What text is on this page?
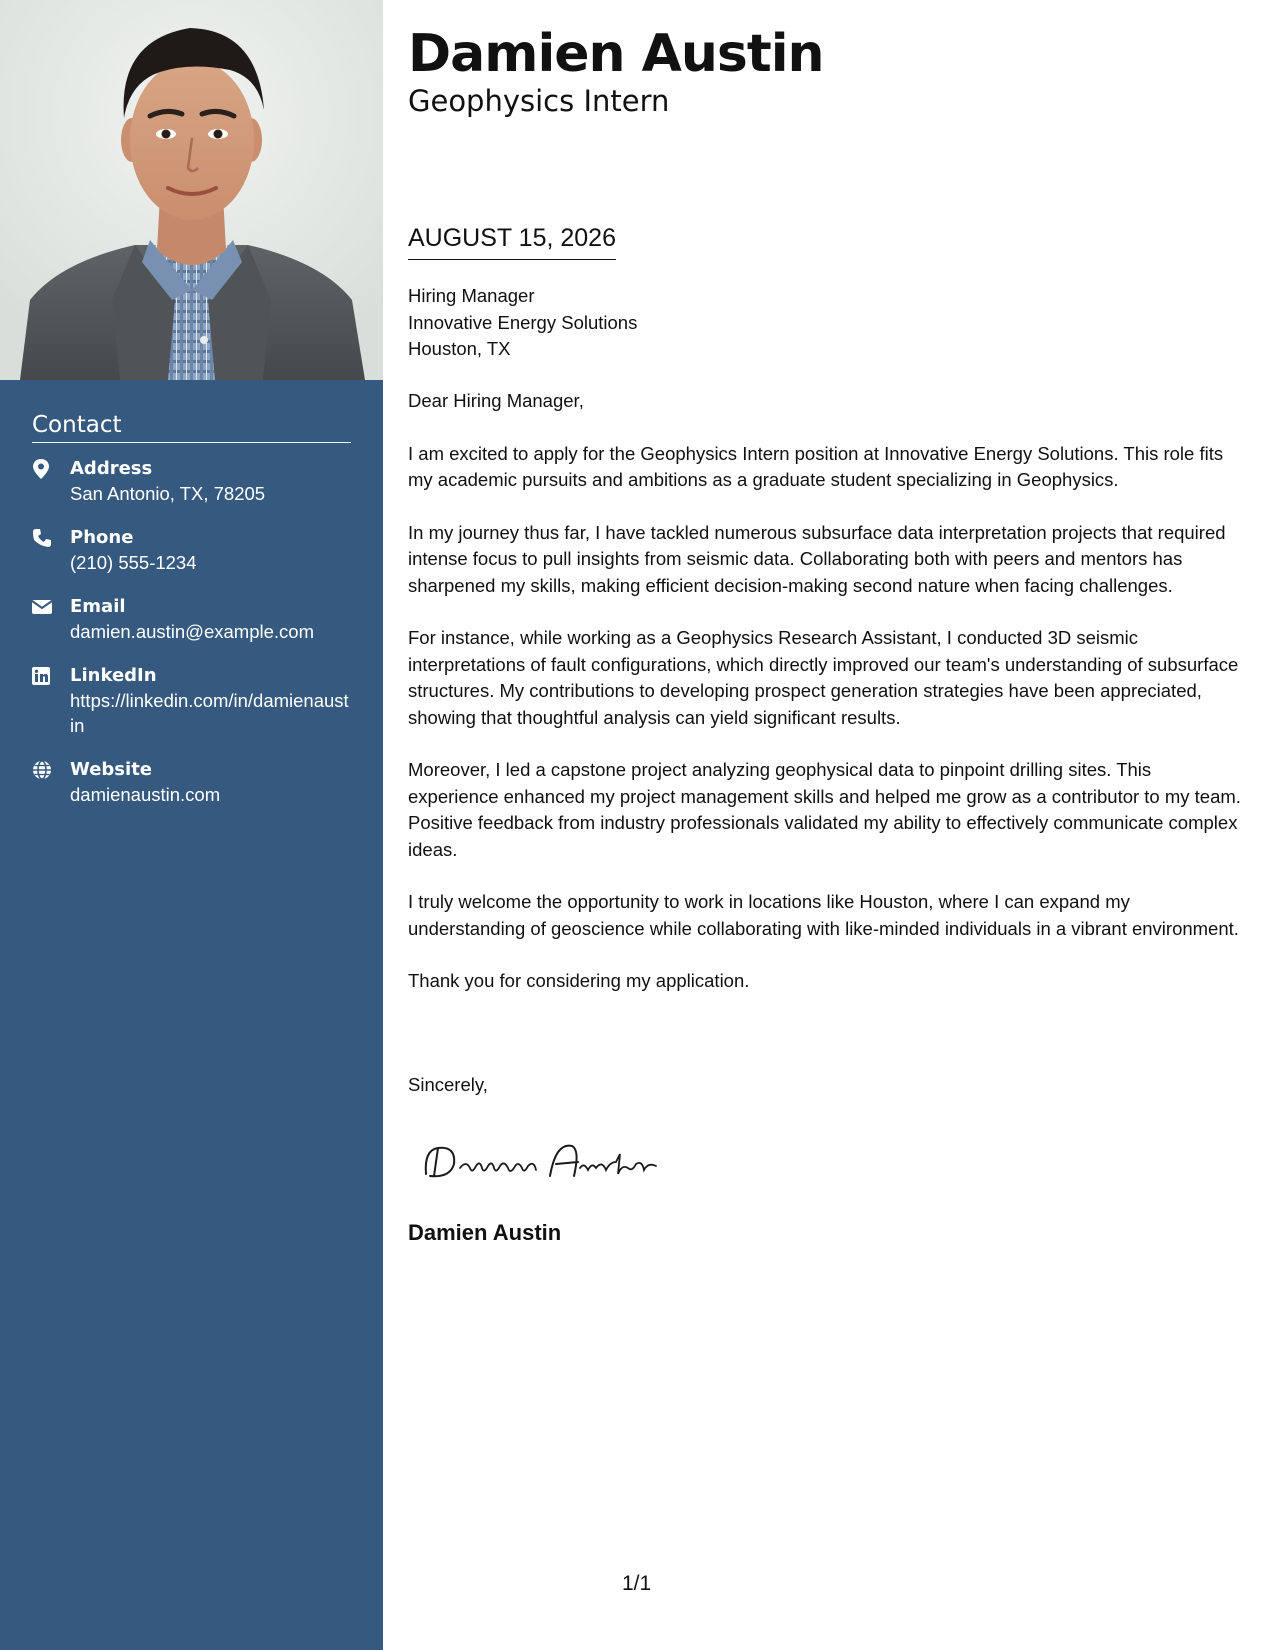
Contact
Address
San Antonio, TX, 78205
Phone
(210) 555-1234
Email
damien.austin@example.com
LinkedIn
https://linkedin.com/in/damienaustin
Website
damienaustin.com
Damien Austin
Geophysics Intern
AUGUST 15, 2026
Hiring Manager
Innovative Energy Solutions
Houston, TX

Dear Hiring Manager,

I am excited to apply for the Geophysics Intern position at Innovative Energy Solutions. This role fits my academic pursuits and ambitions as a graduate student specializing in Geophysics.

In my journey thus far, I have tackled numerous subsurface data interpretation projects that required intense focus to pull insights from seismic data. Collaborating both with peers and mentors has sharpened my skills, making efficient decision-making second nature when facing challenges.

For instance, while working as a Geophysics Research Assistant, I conducted 3D seismic interpretations of fault configurations, which directly improved our team's understanding of subsurface structures. My contributions to developing prospect generation strategies have been appreciated, showing that thoughtful analysis can yield significant results.

Moreover, I led a capstone project analyzing geophysical data to pinpoint drilling sites. This experience enhanced my project management skills and helped me grow as a contributor to my team. Positive feedback from industry professionals validated my ability to effectively communicate complex ideas.

I truly welcome the opportunity to work in locations like Houston, where I can expand my understanding of geoscience while collaborating with like-minded individuals in a vibrant environment.

Thank you for considering my application.

Sincerely,
Damien Austin
1/1
